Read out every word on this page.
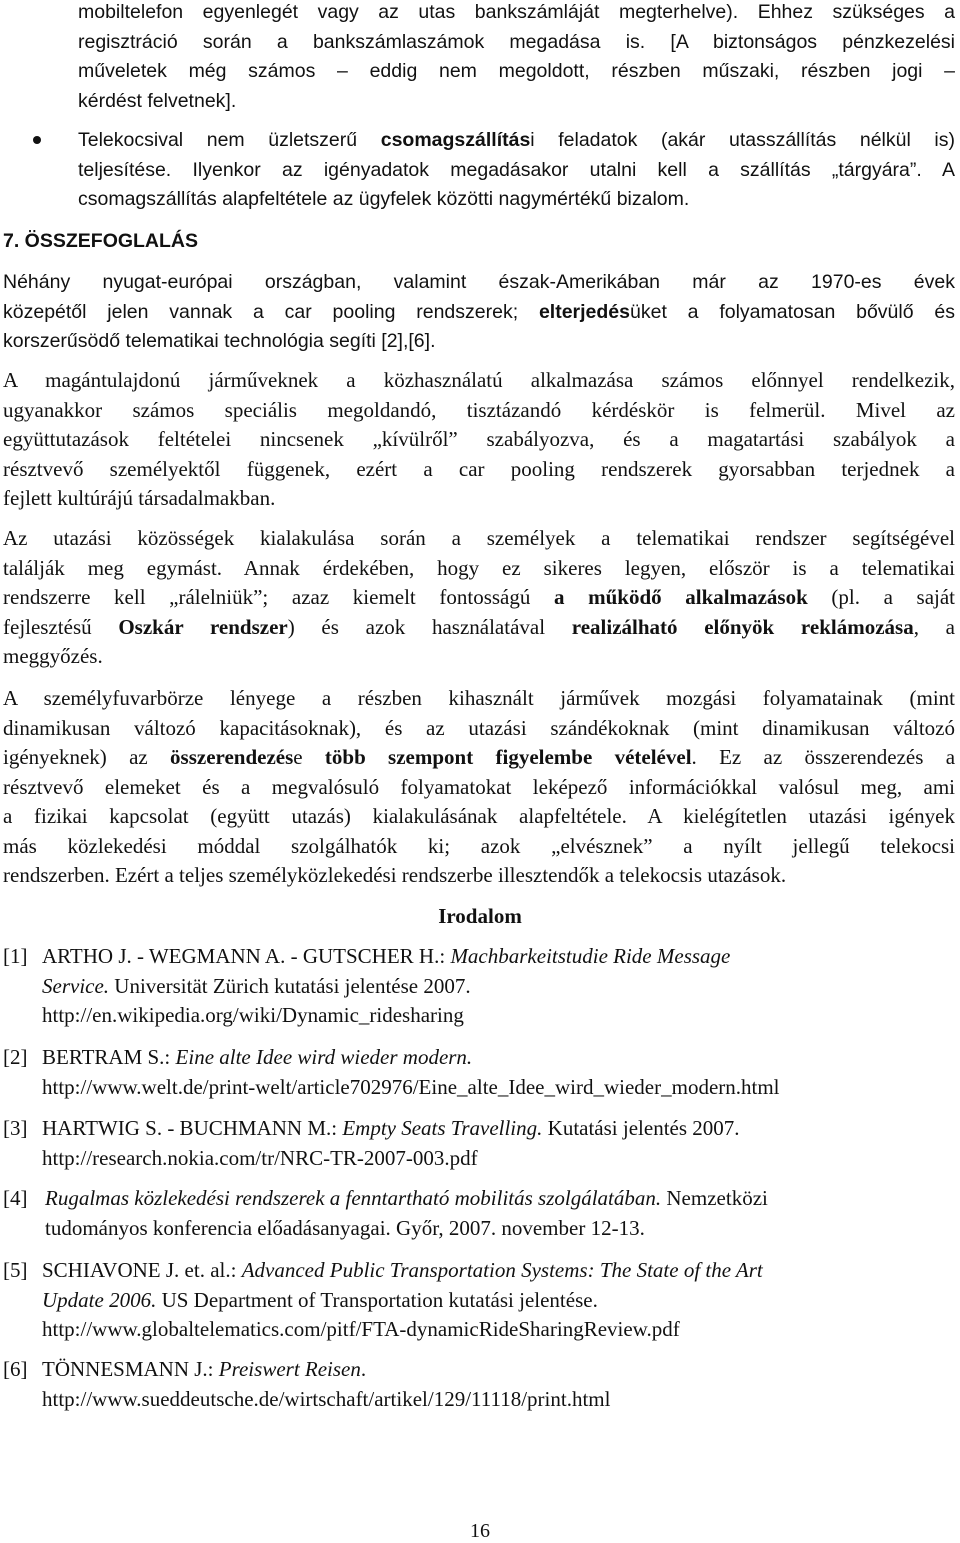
mobiltelefon egyenlegét vagy az utas bankszámláját megterhelve). Ehhez szükséges a
regisztráció során a bankszámlaszámok megadása is. [A biztonságos pénzkezelési
műveletek még számos – eddig nem megoldott, részben műszaki, részben jogi –
kérdést felvetnek].
Telekocsival nem üzletszerű csomagszállítási feladatok (akár utasszállítás nélkül is)
teljesítése. Ilyenkor az igényadatok megadásakor utalni kell a szállítás „tárgyára”. A
csomagszállítás alapfeltétele az ügyfelek közötti nagymértékű bizalom.
7. ÖSSZEFOGLALÁS
Néhány nyugat-európai országban, valamint észak-Amerikában már az 1970-es évek
közepétől jelen vannak a car pooling rendszerek; elterjedésüket a folyamatosan bővülő és
korszerűsödő telematikai technológia segíti [2],[6].
A magántulajdonú járműveknek a közhasználatú alkalmazása számos előnnyel rendelkezik,
ugyanakkor számos speciális megoldandó, tisztázandó kérdéskör is felmerül. Mivel az
együttutazások feltételei nincsenek „kívülről” szabályozva, és a magatartási szabályok a
résztvevő személyektől függenek, ezért a car pooling rendszerek gyorsabban terjednek a
fejlett kultúrájú társadalmakban.
Az utazási közösségek kialakulása során a személyek a telematikai rendszer segítségével
találják meg egymást. Annak érdekében, hogy ez sikeres legyen, először is a telematikai
rendszerre kell „rálelniük”; azaz kiemelt fontosságú a működő alkalmazások (pl. a saját
fejlesztésű Oszkár rendszer) és azok használatával realizálható előnyök reklámozása, a
meggyőzés.
A személyfuvarbörze lényege a részben kihasznált járművek mozgási folyamatainak (mint
dinamikusan változó kapacitásoknak), és az utazási szándékoknak (mint dinamikusan változó
igényeknek) az összerendezése több szempont figyelembe vételével. Ez az összerendezés a
résztvevő elemeket és a megvalósuló folyamatokat leképező információkkal valósul meg, ami
a fizikai kapcsolat (együtt utazás) kialakulásának alapfeltétele. A kielégítetlen utazási igények
más közlekedési móddal szolgálhatók ki; azok „elvésznek” a nyílt jellegű telekocsi
rendszerben. Ezért a teljes személyközlekedési rendszerbe illesztendők a telekocsis utazások.
Irodalom
[1] ARTHO J. - WEGMANN A. - GUTSCHER H.: Machbarkeitstudie Ride Message
Service. Universität Zürich kutatási jelentése 2007.
http://en.wikipedia.org/wiki/Dynamic_ridesharing
[2] BERTRAM S.: Eine alte Idee wird wieder modern.
http://www.welt.de/print-welt/article702976/Eine_alte_Idee_wird_wieder_modern.html
[3] HARTWIG S. - BUCHMANN M.: Empty Seats Travelling. Kutatási jelentés 2007.
http://research.nokia.com/tr/NRC-TR-2007-003.pdf
[4] Rugalmas közlekedési rendszerek a fenntartható mobilitás szolgálatában. Nemzetközi
tudományos konferencia előadásanyagai. Győr, 2007. november 12-13.
[5] SCHIAVONE J. et. al.: Advanced Public Transportation Systems: The State of the Art
Update 2006. US Department of Transportation kutatási jelentése.
http://www.globaltelematics.com/pitf/FTA-dynamicRideSharingReview.pdf
[6] TÖNNESMANN J.: Preiswert Reisen.
http://www.sueddeutsche.de/wirtschaft/artikel/129/11118/print.html
16
